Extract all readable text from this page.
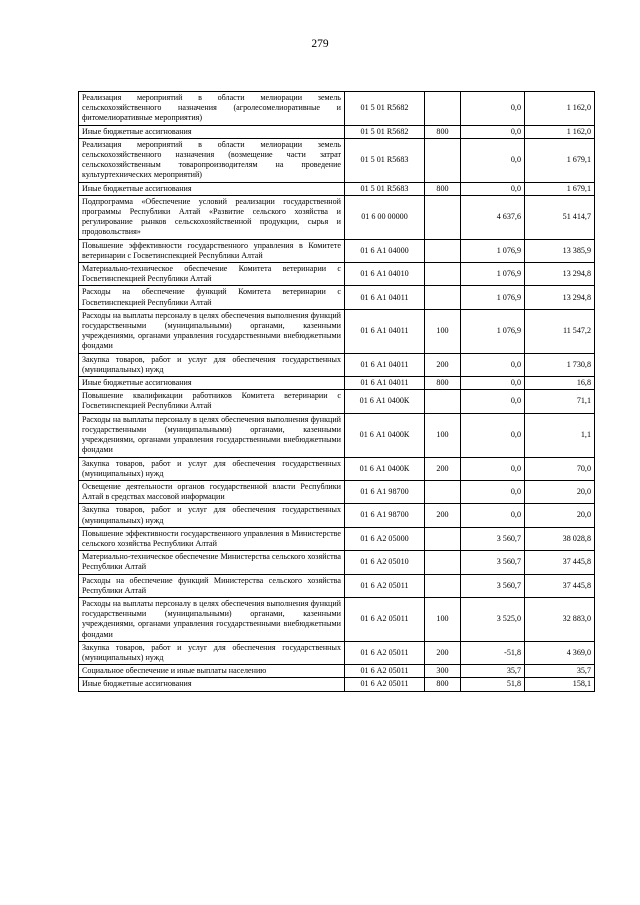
279
Реализация мероприятий в области мелиорации земель сельскохозяйственного назначения (агролесомелиоративные и фитомелиоративные мероприятия)	01 5 01 R5682		0,0	1 162,0
Иные бюджетные ассигнования	01 5 01 R5682	800	0,0	1 162,0
Реализация мероприятий в области мелиорации земель сельскохозяйственного назначения (возмещение части затрат сельскохозяйственным товаропроизводителям на проведение культуртехнических мероприятий)	01 5 01 R5683		0,0	1 679,1
Иные бюджетные ассигнования	01 5 01 R5683	800	0,0	1 679,1
Подпрограмма «Обеспечение условий реализации государственной программы Республики Алтай «Развитие сельского хозяйства и регулирование рынков сельскохозяйственной продукции, сырья и продовольствия»	01 6 00 00000		4 637,6	51 414,7
Повышение эффективности государственного управления в Комитете ветеринарии с Госветинспекцией Республики Алтай	01 6 А1 04000		1 076,9	13 385,9
Материально-техническое обеспечение Комитета ветеринарии с Госветинспекцией Республики Алтай	01 6 А1 04010		1 076,9	13 294,8
Расходы на обеспечение функций Комитета ветеринарии с Госветинспекцией Республики Алтай	01 6 А1 04011		1 076,9	13 294,8
Расходы на выплаты персоналу в целях обеспечения выполнения функций государственными (муниципальными) органами, казенными учреждениями, органами управления государственными внебюджетными фондами	01 6 А1 04011	100	1 076,9	11 547,2
Закупка товаров, работ и услуг для обеспечения государственных (муниципальных) нужд	01 6 А1 04011	200	0,0	1 730,8
Иные бюджетные ассигнования	01 6 А1 04011	800	0,0	16,8
Повышение квалификации работников Комитета ветеринарии с Госветинспекцией Республики Алтай	01 6 А1 0400К		0,0	71,1
Расходы на выплаты персоналу в целях обеспечения выполнения функций государственными (муниципальными) органами, казенными учреждениями, органами управления государственными внебюджетными фондами	01 6 А1 0400К	100	0,0	1,1
Закупка товаров, работ и услуг для обеспечения государственных (муниципальных) нужд	01 6 А1 0400К	200	0,0	70,0
Освещение деятельности органов государственной власти Республики Алтай в средствах массовой информации	01 6 А1 98700		0,0	20,0
Закупка товаров, работ и услуг для обеспечения государственных (муниципальных) нужд	01 6 А1 98700	200	0,0	20,0
Повышение эффективности государственного управления в Министерстве сельского хозяйства Республики Алтай	01 6 А2 05000		3 560,7	38 028,8
Материально-техническое обеспечение Министерства сельского хозяйства Республики Алтай	01 6 А2 05010		3 560,7	37 445,8
Расходы на обеспечение функций Министерства сельского хозяйства Республики Алтай	01 6 А2 05011		3 560,7	37 445,8
Расходы на выплаты персоналу в целях обеспечения выполнения функций государственными (муниципальными) органами, казенными учреждениями, органами управления государственными внебюджетными фондами	01 6 А2 05011	100	3 525,0	32 883,0
Закупка товаров, работ и услуг для обеспечения государственных (муниципальных) нужд	01 6 А2 05011	200	-51,8	4 369,0
Социальное обеспечение и иные выплаты населению	01 6 А2 05011	300	35,7	35,7
Иные бюджетные ассигнования	01 6 А2 05011	800	51,8	158,1
